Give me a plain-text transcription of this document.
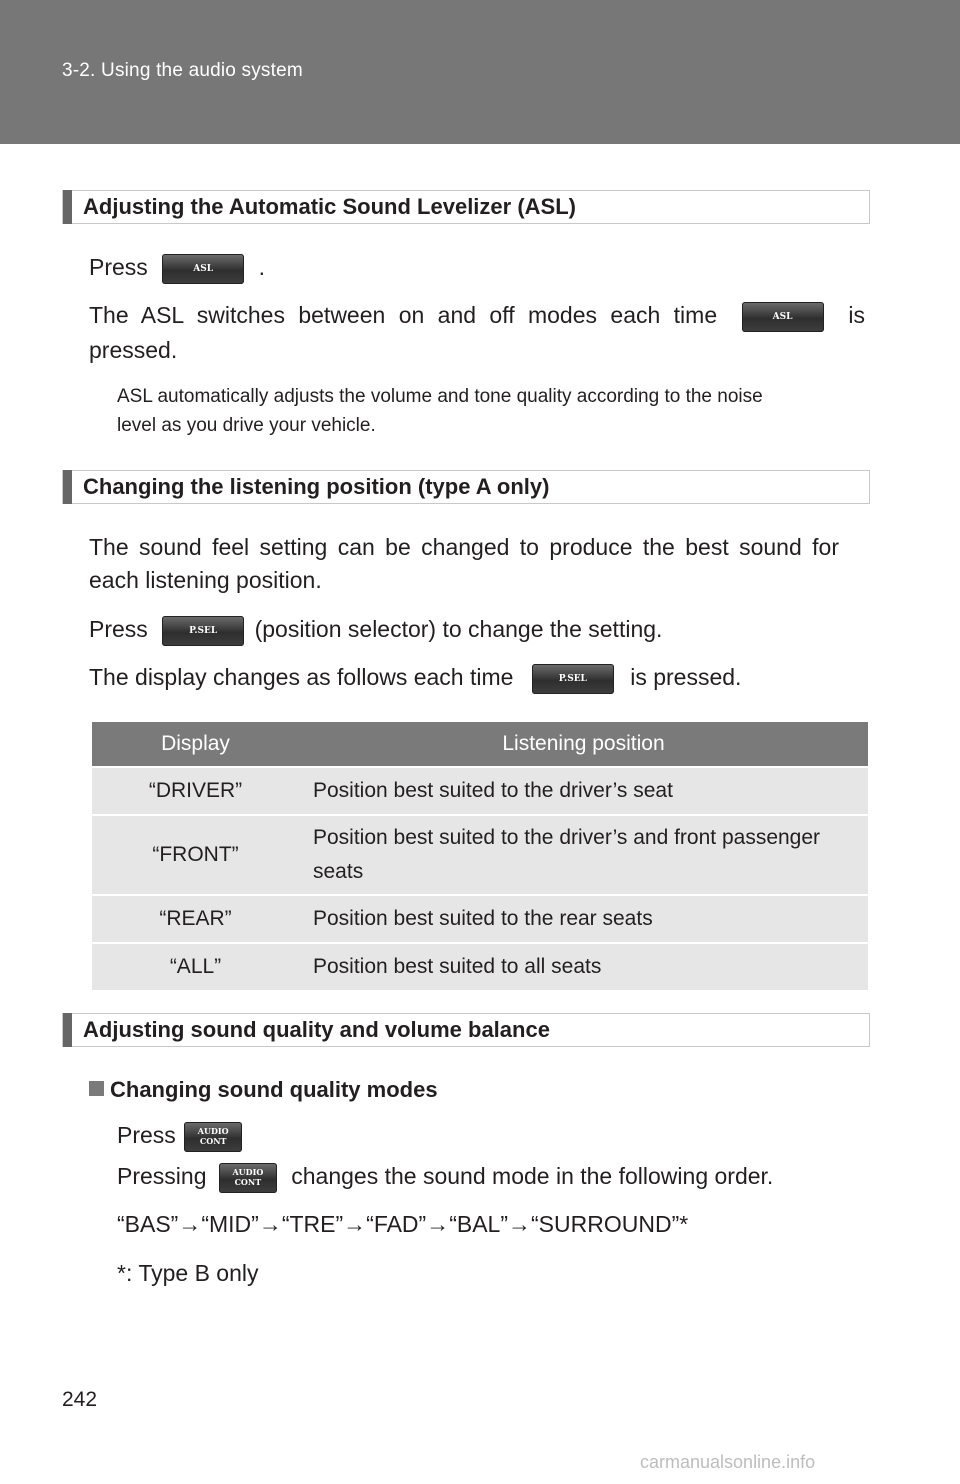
3-2. Using the audio system
Adjusting the Automatic Sound Levelizer (ASL)
Press	ASL .
The ASL switches between on and off modes each time	ASL is
pressed.
ASL automatically adjusts the volume and tone quality according to the noise
level as you drive your vehicle.
Changing the listening position (type A only)
The sound feel setting can be changed to produce the best sound for
each listening position.
Press	P.SEL (position selector) to change the setting.
The display changes as follows each time	P.SEL is pressed.
Display	Listening position
“DRIVER”	Position best suited to the driver’s seat
“FRONT”	Position best suited to the driver’s and front passenger
seats

“REAR”	Position best suited to the rear seats
“ALL”	Position best suited to all seats
Adjusting sound quality and volume balance
Changing sound quality modes
Press	AUDIO
CONT
Pressing	AUDIO
CONT	changes the sound mode in the following order.
“BAS”→“MID”→“TRE”→“FAD”→“BAL”→“SURROUND”*
*: Type B only
242
carmanualsonline.info
